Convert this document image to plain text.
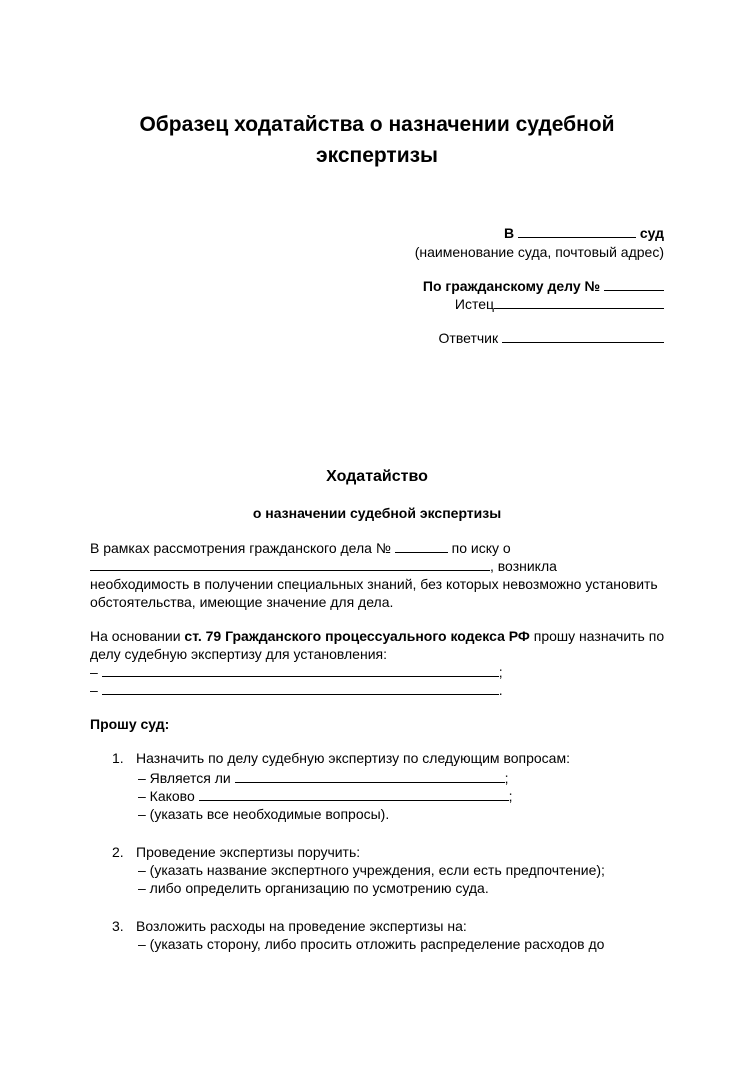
Образец ходатайства о назначении судебной
экспертизы
В	суд
(наименование суда, почтовый адрес)
По гражданскому делу №
Истец
Ответчик
Ходатайство
о назначении судебной экспертизы
В рамках рассмотрения гражданского дела №	по иску о
, возникла
необходимость в получении специальных знаний, без которых невозможно установить
обстоятельства, имеющие значение для дела.
На основании ст. 79 Гражданского процессуального кодекса РФ прошу назначить по
делу судебную экспертизу для установления:
–	;
–	.
Прошу суд:
1. Назначить по делу судебную экспертизу по следующим вопросам:
– Является ли	;
– Каково	;
– (указать все необходимые вопросы).
2. Проведение экспертизы поручить:
– (указать название экспертного учреждения, если есть предпочтение);
– либо определить организацию по усмотрению суда.
3. Возложить расходы на проведение экспертизы на:
– (указать сторону, либо просить отложить распределение расходов до
